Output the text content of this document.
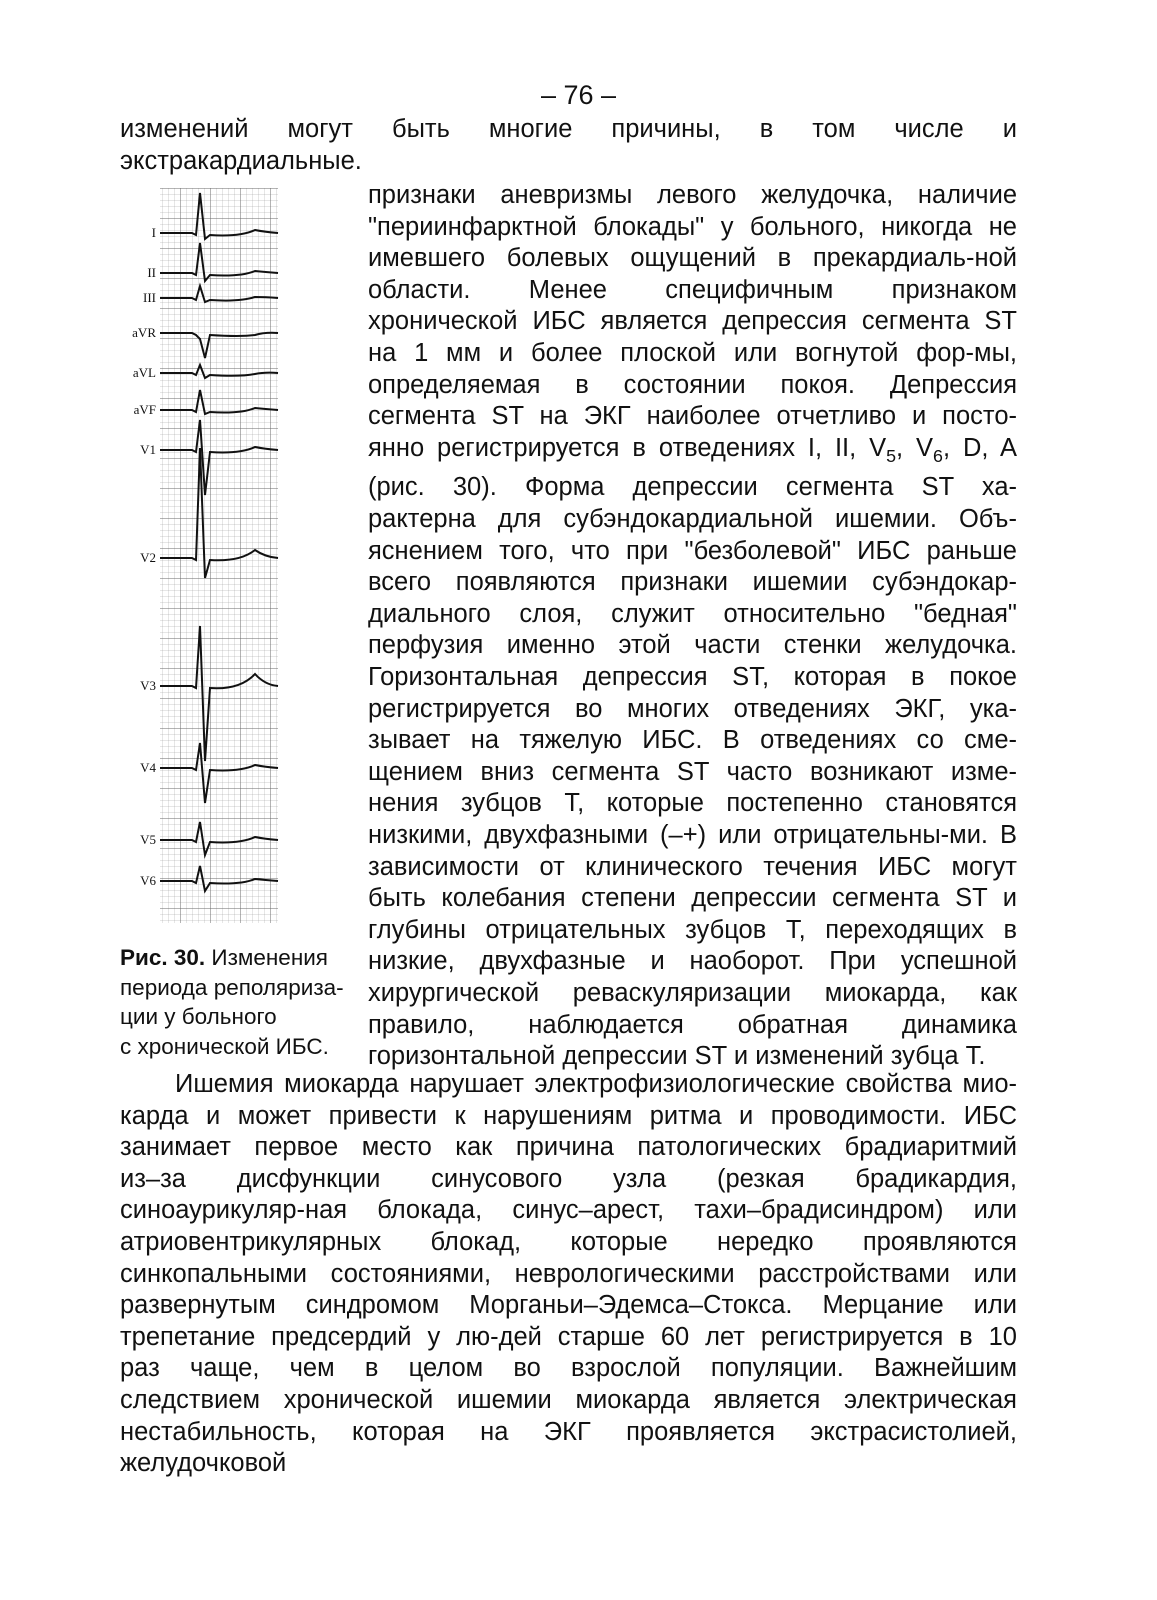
– 76 –
изменений могут быть многие причины, в том числе и
экстракардиальные.
I
II
III
aVR
aVL
aVF
V1
V2
V3
V4
V5
V6
Рис. 30. Изменения
периода реполяриза-
ции у больного
с хронической ИБС.
признаки аневризмы левого желудочка, наличие
"периинфарктной блокады" у больного, никогда не
имевшего болевых ощущений в прекардиаль-ной
области. Менее специфичным признаком
хронической ИБС является депрессия сегмента ST
на 1 мм и более плоской или вогнутой фор-мы,
определяемая в состоянии покоя. Депрессия
сегмента ST на ЭКГ наиболее отчетливо и посто-
янно регистрируется в отведениях I, II, $V_5$, $V_6$, D, A
(рис. 30). Форма депрессии сегмента ST ха-
рактерна для субэндокардиальной ишемии. Объ-
яснением того, что при "безболевой" ИБС раньше
всего появляются признаки ишемии субэндокар-
диального слоя, служит относительно "бедная"
перфузия именно этой части стенки желудочка.
Горизонтальная депрессия ST, которая в покое
регистрируется во многих отведениях ЭКГ, ука-
зывает на тяжелую ИБС. В отведениях со сме-
щением вниз сегмента ST часто возникают изме-
нения зубцов Т, которые постепенно становятся
низкими, двухфазными (–+) или отрицательны-ми. В
зависимости от клинического течения ИБС могут
быть колебания степени депрессии сегмента ST и
глубины отрицательных зубцов Т, переходящих в
низкие, двухфазные и наоборот. При успешной
хирургической реваскуляризации миокарда, как
правило, наблюдается обратная динамика
горизонтальной депрессии ST и изменений зубца Т.
Ишемия миокарда нарушает электрофизиологические свойства мио-
карда и может привести к нарушениям ритма и проводимости. ИБС
занимает первое место как причина патологических брадиаритмий
из–за дисфункции синусового узла (резкая брадикардия,
синоаурикуляр-ная блокада, синус–арест, тахи–брадисиндром) или
атриовентрикулярных блокад, которые нередко проявляются
синкопальными состояниями, неврологическими расстройствами или
развернутым синдромом Морганьи–Эдемса–Стокса. Мерцание или
трепетание предсердий у лю-дей старше 60 лет регистрируется в 10
раз чаще, чем в целом во взрослой популяции. Важнейшим
следствием хронической ишемии миокарда является электрическая
нестабильность, которая на ЭКГ проявляется экстрасистолией,
желудочковой
